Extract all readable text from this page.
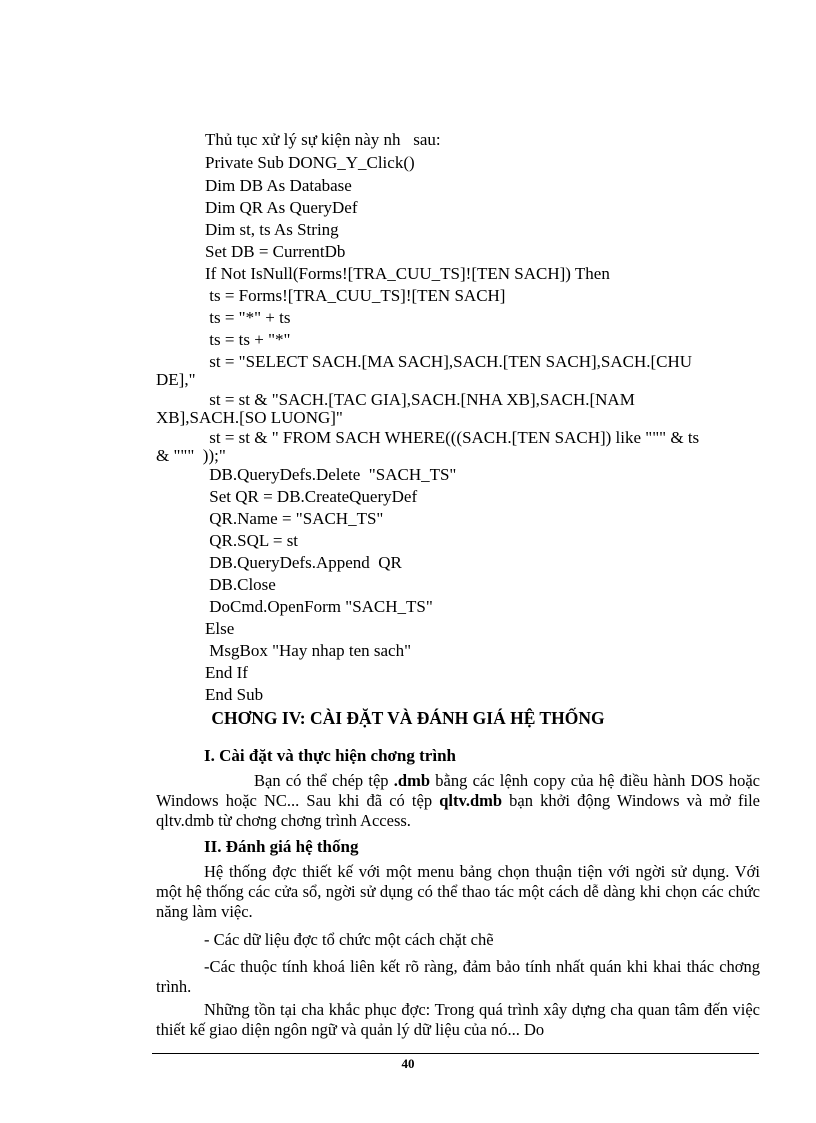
Thủ tục xử lý sự kiện này nh   sau:
Private Sub DONG_Y_Click()
Dim DB As Database
Dim QR As QueryDef
Dim st, ts As String
Set DB = CurrentDb
If Not IsNull(Forms![TRA_CUU_TS]![TEN SACH]) Then
ts = Forms![TRA_CUU_TS]![TEN SACH]
ts = "*" + ts
ts = ts + "*"
st = "SELECT SACH.[MA SACH],SACH.[TEN SACH],SACH.[CHU
DE],"
st = st & "SACH.[TAC GIA],SACH.[NHA XB],SACH.[NAM
XB],SACH.[SO LUONG]"
st = st & " FROM SACH WHERE(((SACH.[TEN SACH]) like """ & ts
& """  ));"
DB.QueryDefs.Delete  "SACH_TS"
Set QR = DB.CreateQueryDef
QR.Name = "SACH_TS"
QR.SQL = st
DB.QueryDefs.Append  QR
DB.Close
DoCmd.OpenForm "SACH_TS"
Else
MsgBox "Hay nhap ten sach"
End If
End Sub
CHƠNG IV: CÀI ĐẶT VÀ ĐÁNH GIÁ HỆ THỐNG
I. Cài đặt và thực hiện chơng trình
Bạn có thể chép tệp .dmb bằng các lệnh copy của hệ điều hành DOS hoặc Windows hoặc NC... Sau khi đã có tệp qltv.dmb bạn khởi động Windows và mở file qltv.dmb từ chơng chơng trình Access.
II. Đánh giá hệ thống
Hệ thống đợc thiết kế với một menu bảng chọn thuận tiện với ngời sử dụng. Với một hệ thống các cửa sổ, ngời sử dụng có thể thao tác một cách dễ dàng khi chọn các chức năng làm việc.
- Các dữ liệu đợc tổ chức một cách chặt chẽ
-Các thuộc tính khoá liên kết rõ ràng, đảm bảo tính nhất quán khi khai thác chơng trình.
Những tồn tại cha khắc phục đợc: Trong quá trình xây dựng cha quan tâm đến việc thiết kế giao diện ngôn ngữ và quản lý dữ liệu của nó... Do
40
